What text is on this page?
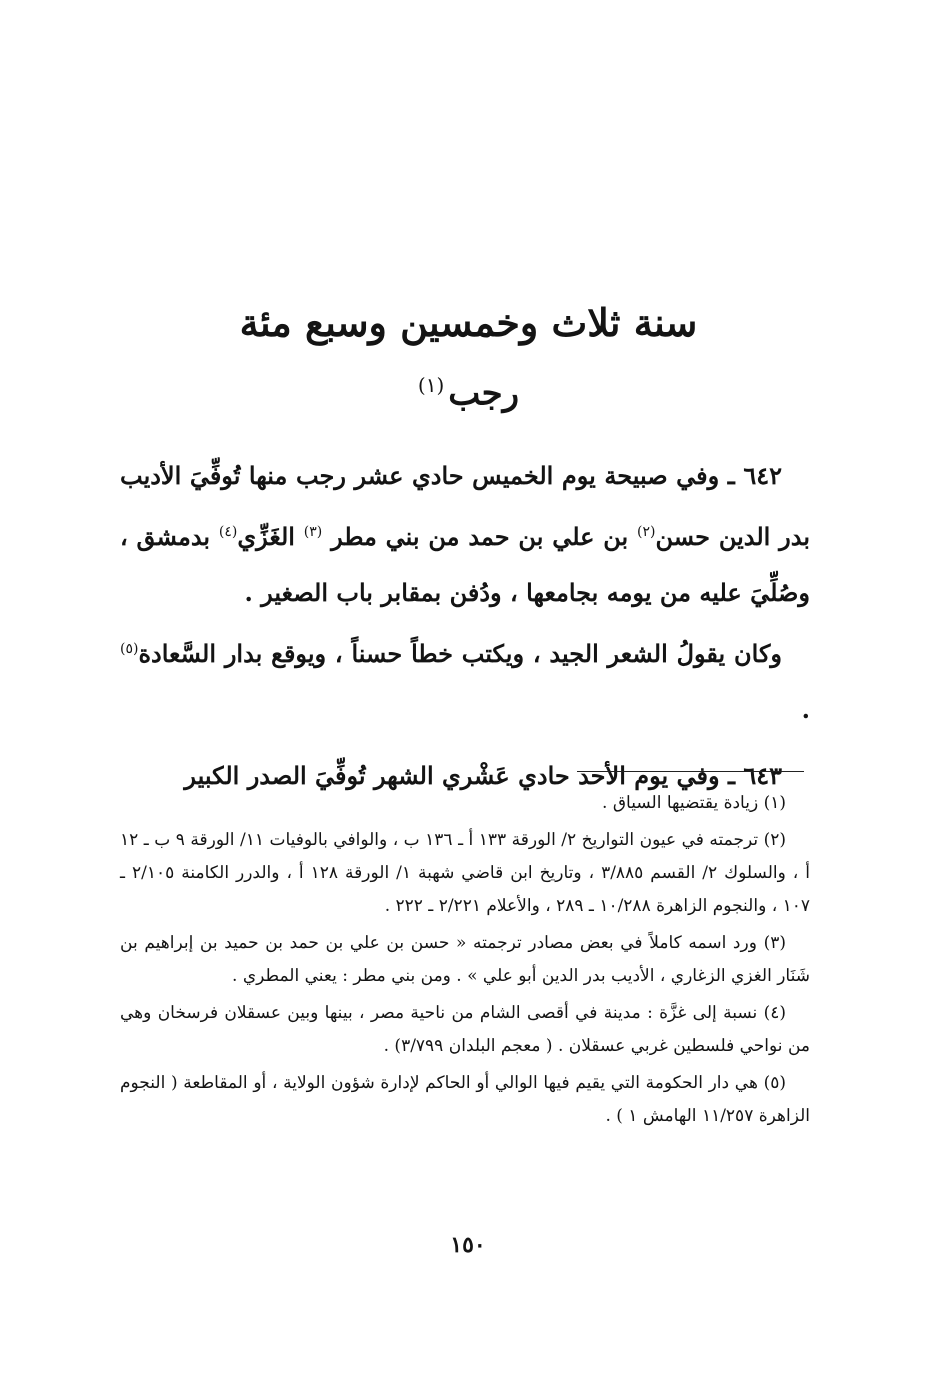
سنة ثلاث وخمسين وسبع مئة
رجب$^{(١)}$

٦٤٢ ـ وفي صبيحة يوم الخميس حادي عشر رجب منها تُوفِّيَ الأديب بدر الدين حسن$^{(٢)}$ بن علي بن حمد من بني مطر $^{(٣)}$ الغَزِّي$^{(٤)}$ بدمشق ، وصُلِّيَ عليه من يومه بجامعها ، ودُفن بمقابر باب الصغير .

وكان يقولُ الشعر الجيد ، ويكتب خطاً حسناً ، ويوقع بدار السَّعادة$^{(٥)}$ .

٦٤٣ ـ وفي يوم الأحد حادي عَشْري الشهر تُوفِّيَ الصدر الكبير

(١) زيادة يقتضيها السياق .

(٢) ترجمته في عيون التواريخ ٢/ الورقة ١٣٣ أ ـ ١٣٦ ب ، والوافي بالوفيات ١١/ الورقة ٩ ب ـ ١٢ أ ، والسلوك ٢/ القسم ٣/٨٨٥ ، وتاريخ ابن قاضي شهبة ١/ الورقة ١٢٨ أ ، والدرر الكامنة ٢/١٠٥ ـ ١٠٧ ، والنجوم الزاهرة ١٠/٢٨٨ ـ ٢٨٩ ، والأعلام ٢/٢٢١ ـ ٢٢٢ .

(٣) ورد اسمه كاملاً في بعض مصادر ترجمته « حسن بن علي بن حمد بن حميد بن إبراهيم بن شَنَار الغزي الزغاري ، الأديب بدر الدين أبو علي » . ومن بني مطر : يعني المطري .

(٤) نسبة إلى غزَّة : مدينة في أقصى الشام من ناحية مصر ، بينها وبين عسقلان فرسخان وهي من نواحي فلسطين غربي عسقلان . ( معجم البلدان ٣/٧٩٩) .

(٥) هي دار الحكومة التي يقيم فيها الوالي أو الحاكم لإدارة شؤون الولاية ، أو المقاطعة ( النجوم الزاهرة ١١/٢٥٧ الهامش ١ ) .

١٥٠
